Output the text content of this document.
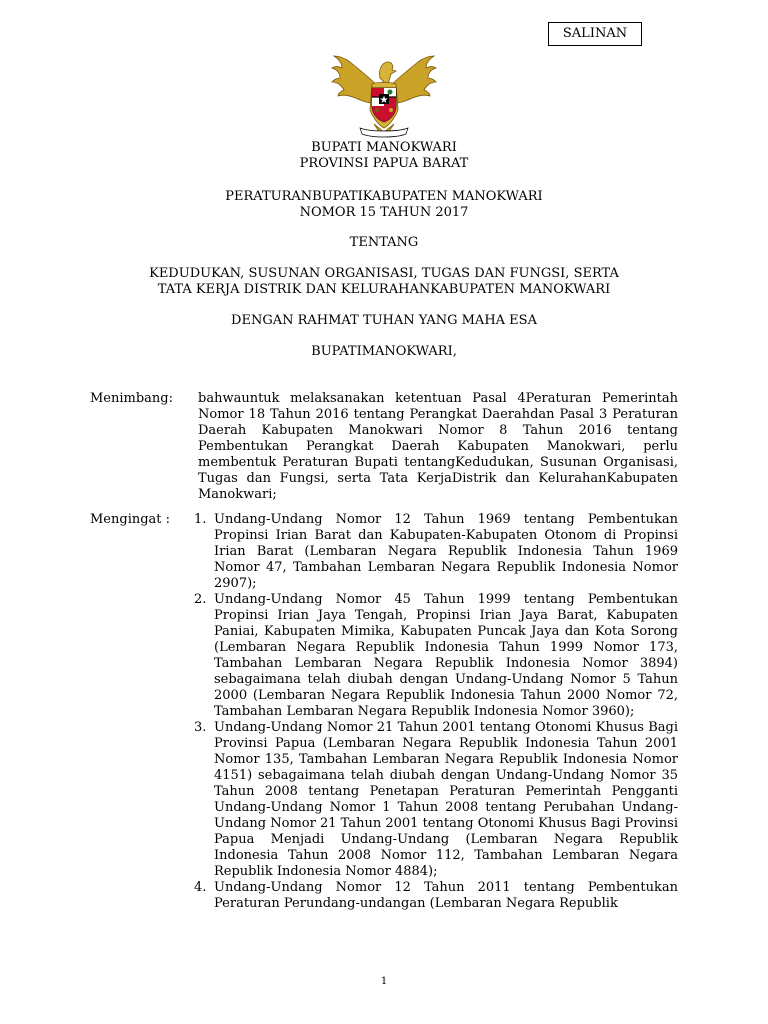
SALINAN
BUPATI MANOKWARI
PROVINSI PAPUA BARAT
PERATURANBUPATIKABUPATEN MANOKWARI
NOMOR 15 TAHUN 2017
TENTANG
KEDUDUKAN, SUSUNAN ORGANISASI, TUGAS DAN FUNGSI, SERTA
TATA KERJA DISTRIK DAN KELURAHANKABUPATEN MANOKWARI
DENGAN RAHMAT TUHAN YANG MAHA ESA
BUPATIMANOKWARI,
Menimbang: bahwauntuk melaksanakan ketentuan Pasal 4Peraturan Pemerintah Nomor 18 Tahun 2016 tentang Perangkat Daerahdan Pasal 3 Peraturan Daerah Kabupaten Manokwari Nomor 8 Tahun 2016 tentang Pembentukan Perangkat Daerah Kabupaten Manokwari, perlu membentuk Peraturan Bupati tentangKedudukan, Susunan Organisasi, Tugas dan Fungsi, serta Tata KerjaDistrik dan KelurahanKabupaten Manokwari;
Mengingat : 1. Undang-Undang Nomor 12 Tahun 1969 tentang Pembentukan Propinsi Irian Barat dan Kabupaten-Kabupaten Otonom di Propinsi Irian Barat (Lembaran Negara Republik Indonesia Tahun 1969 Nomor 47, Tambahan Lembaran Negara Republik Indonesia Nomor 2907);
2. Undang-Undang Nomor 45 Tahun 1999 tentang Pembentukan Propinsi Irian Jaya Tengah, Propinsi Irian Jaya Barat, Kabupaten Paniai, Kabupaten Mimika, Kabupaten Puncak Jaya dan Kota Sorong (Lembaran Negara Republik Indonesia Tahun 1999 Nomor 173, Tambahan Lembaran Negara Republik Indonesia Nomor 3894) sebagaimana telah diubah dengan Undang-Undang Nomor 5 Tahun 2000 (Lembaran Negara Republik Indonesia Tahun 2000 Nomor 72, Tambahan Lembaran Negara Republik Indonesia Nomor 3960);
3. Undang-Undang Nomor 21 Tahun 2001 tentang Otonomi Khusus Bagi Provinsi Papua (Lembaran Negara Republik Indonesia Tahun 2001 Nomor 135, Tambahan Lembaran Negara Republik Indonesia Nomor 4151) sebagaimana telah diubah dengan Undang-Undang Nomor 35 Tahun 2008 tentang Penetapan Peraturan Pemerintah Pengganti Undang-Undang Nomor 1 Tahun 2008 tentang Perubahan Undang-Undang Nomor 21 Tahun 2001 tentang Otonomi Khusus Bagi Provinsi Papua Menjadi Undang-Undang (Lembaran Negara Republik Indonesia Tahun 2008 Nomor 112, Tambahan Lembaran Negara Republik Indonesia Nomor 4884);
4. Undang-Undang Nomor 12 Tahun 2011 tentang Pembentukan Peraturan Perundang-undangan (Lembaran Negara Republik
1
